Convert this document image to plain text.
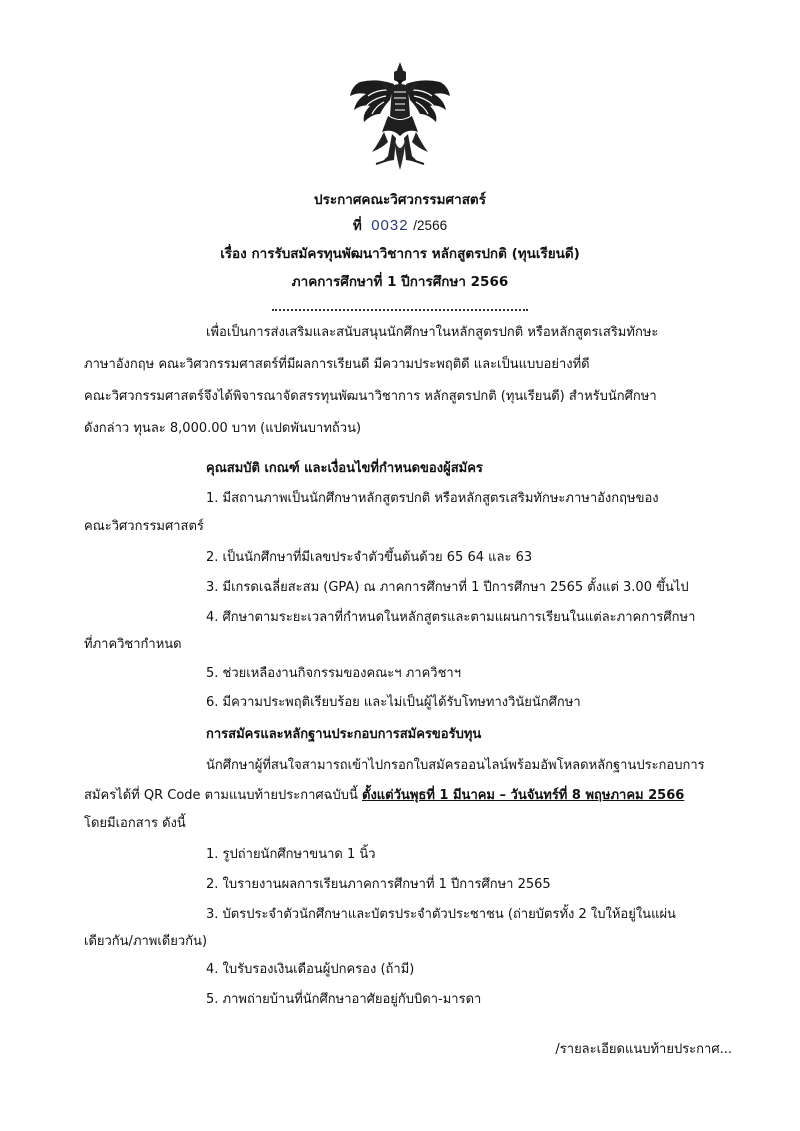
ประกาศคณะวิศวกรรมศาสตร์
ที่ 0032 /2566
เรื่อง การรับสมัครทุนพัฒนาวิชาการ หลักสูตรปกติ (ทุนเรียนดี)
ภาคการศึกษาที่ 1 ปีการศึกษา 2566
เพื่อเป็นการส่งเสริมและสนับสนุนนักศึกษาในหลักสูตรปกติ หรือหลักสูตรเสริมทักษะ
ภาษาอังกฤษ คณะวิศวกรรมศาสตร์ที่มีผลการเรียนดี มีความประพฤติดี และเป็นแบบอย่างที่ดี
คณะวิศวกรรมศาสตร์จึงได้พิจารณาจัดสรรทุนพัฒนาวิชาการ หลักสูตรปกติ (ทุนเรียนดี) สำหรับนักศึกษา
ดังกล่าว ทุนละ 8,000.00 บาท (แปดพันบาทถ้วน)
คุณสมบัติ เกณฑ์ และเงื่อนไขที่กำหนดของผู้สมัคร
1. มีสถานภาพเป็นนักศึกษาหลักสูตรปกติ หรือหลักสูตรเสริมทักษะภาษาอังกฤษของ
คณะวิศวกรรมศาสตร์
2. เป็นนักศึกษาที่มีเลขประจำตัวขึ้นต้นด้วย 65 64 และ 63
3. มีเกรดเฉลี่ยสะสม (GPA) ณ ภาคการศึกษาที่ 1 ปีการศึกษา 2565 ตั้งแต่ 3.00 ขึ้นไป
4. ศึกษาตามระยะเวลาที่กำหนดในหลักสูตรและตามแผนการเรียนในแต่ละภาคการศึกษา
ที่ภาควิชากำหนด
5. ช่วยเหลืองานกิจกรรมของคณะฯ ภาควิชาฯ
6. มีความประพฤติเรียบร้อย และไม่เป็นผู้ได้รับโทษทางวินัยนักศึกษา
การสมัครและหลักฐานประกอบการสมัครขอรับทุน
นักศึกษาผู้ที่สนใจสามารถเข้าไปกรอกใบสมัครออนไลน์พร้อมอัพโหลดหลักฐานประกอบการ
สมัครได้ที่ QR Code ตามแนบท้ายประกาศฉบับนี้ ตั้งแต่วันพุธที่ 1 มีนาคม – วันจันทร์ที่ 8 พฤษภาคม 2566
โดยมีเอกสาร ดังนี้
1. รูปถ่ายนักศึกษาขนาด 1 นิ้ว
2. ใบรายงานผลการเรียนภาคการศึกษาที่ 1 ปีการศึกษา 2565
3. บัตรประจำตัวนักศึกษาและบัตรประจำตัวประชาชน (ถ่ายบัตรทั้ง 2 ใบให้อยู่ในแผ่น
เดียวกัน/ภาพเดียวกัน)
4. ใบรับรองเงินเดือนผู้ปกครอง (ถ้ามี)
5. ภาพถ่ายบ้านที่นักศึกษาอาศัยอยู่กับบิดา-มารดา
/รายละเอียดแนบท้ายประกาศ...
